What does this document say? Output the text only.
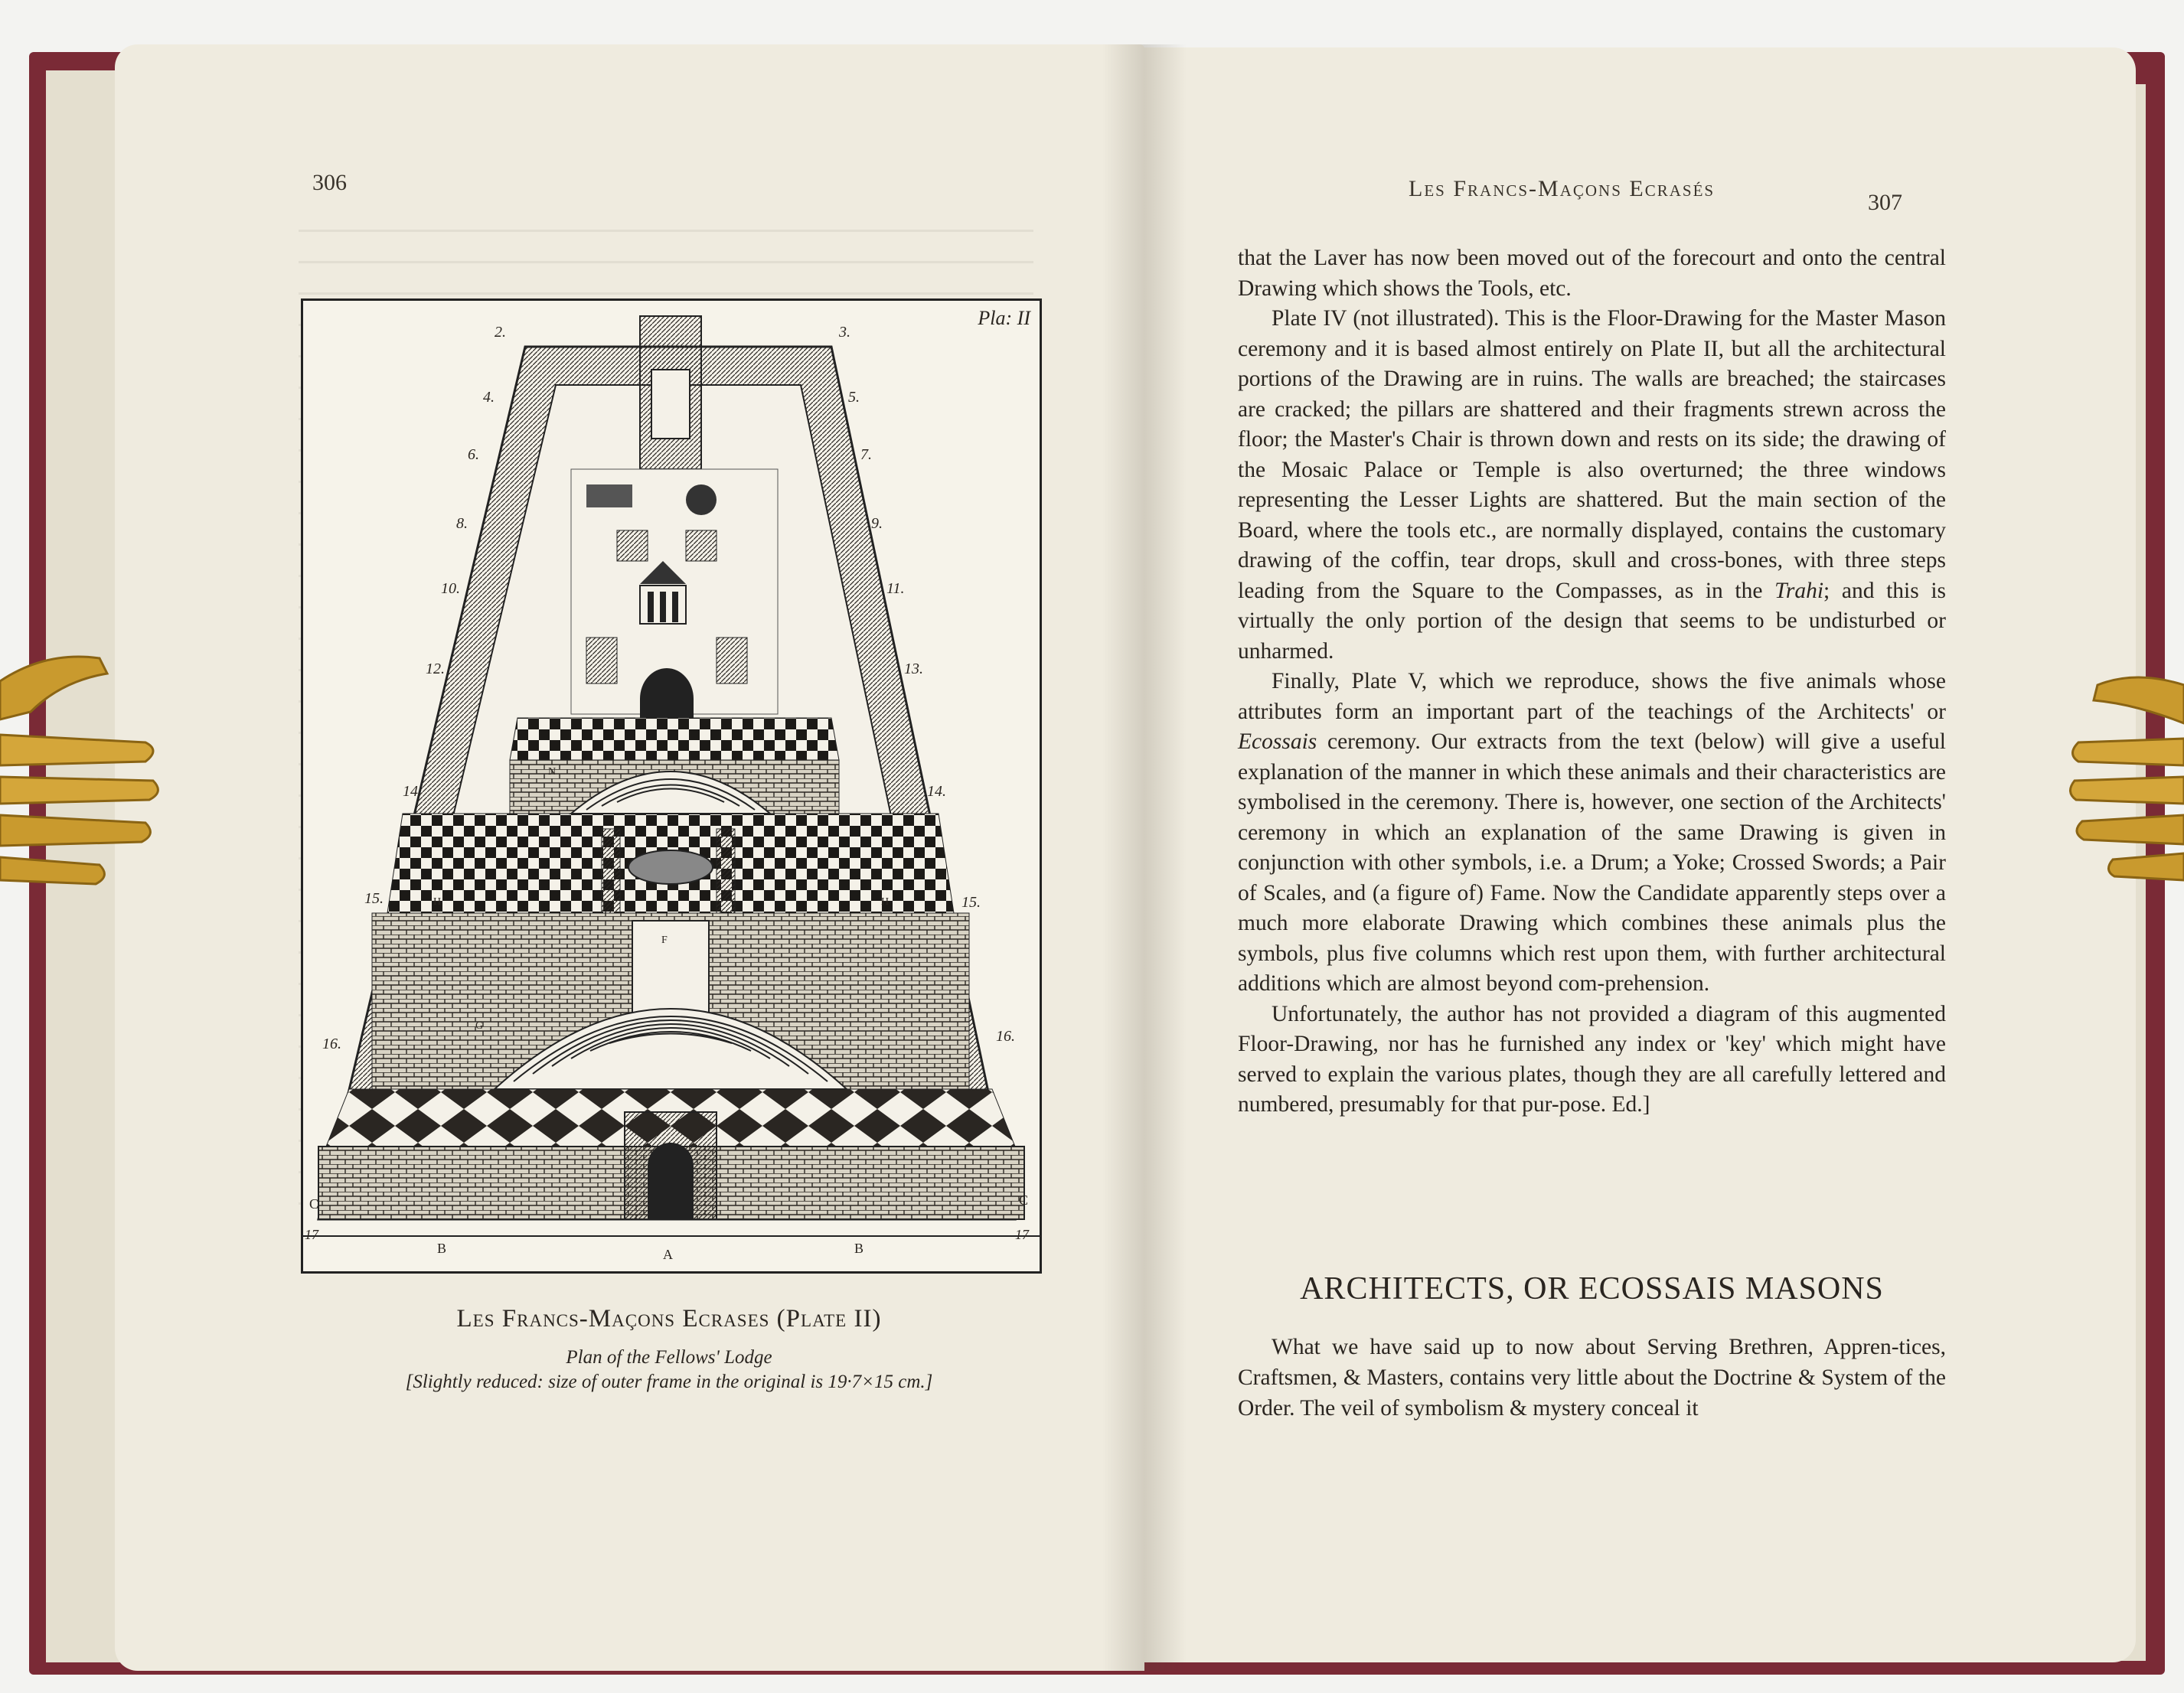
306
Pla: II
2.	3.
4.	5.
6.	7.
8.	9.
10.	11.
12.	13.
14.	14.
15.	15.
16.	16.
C	C
17	17
B	A	B
H	H
F
G
N
Les Francs-Maçons Ecrases (Plate II)
Plan of the Fellows' Lodge
[Slightly reduced: size of outer frame in the original is 19·7×15 cm.]
Les Francs-Maçons Ecrasés
307

that the Laver has now been moved out of the forecourt and onto the central Drawing which shows the Tools, etc.

Plate IV (not illustrated). This is the Floor-Drawing for the Master Mason ceremony and it is based almost entirely on Plate II, but all the architectural portions of the Drawing are in ruins. The walls are breached; the staircases are cracked; the pillars are shattered and their fragments strewn across the floor; the Master's Chair is thrown down and rests on its side; the drawing of the Mosaic Palace or Temple is also overturned; the three windows representing the Lesser Lights are shattered. But the main section of the Board, where the tools etc., are normally displayed, contains the customary drawing of the coffin, tear drops, skull and cross-bones, with three steps leading from the Square to the Compasses, as in the Trahi; and this is virtually the only portion of the design that seems to be undisturbed or unharmed.

Finally, Plate V, which we reproduce, shows the five animals whose attributes form an important part of the teachings of the Architects' or Ecossais ceremony. Our extracts from the text (below) will give a useful explanation of the manner in which these animals and their characteristics are symbolised in the ceremony. There is, however, one section of the Architects' ceremony in which an explanation of the same Drawing is given in conjunction with other symbols, i.e. a Drum; a Yoke; Crossed Swords; a Pair of Scales, and (a figure of) Fame. Now the Candidate apparently steps over a much more elaborate Drawing which combines these animals plus the symbols, plus five columns which rest upon them, with further architectural additions which are almost beyond com-prehension.

Unfortunately, the author has not provided a diagram of this augmented Floor-Drawing, nor has he furnished any index or 'key' which might have served to explain the various plates, though they are all carefully lettered and numbered, presumably for that pur-pose. Ed.]

ARCHITECTS, OR ECOSSAIS MASONS
What we have said up to now about Serving Brethren, Appren-tices, Craftsmen, & Masters, contains very little about the Doctrine & System of the Order. The veil of symbolism & mystery conceal it
